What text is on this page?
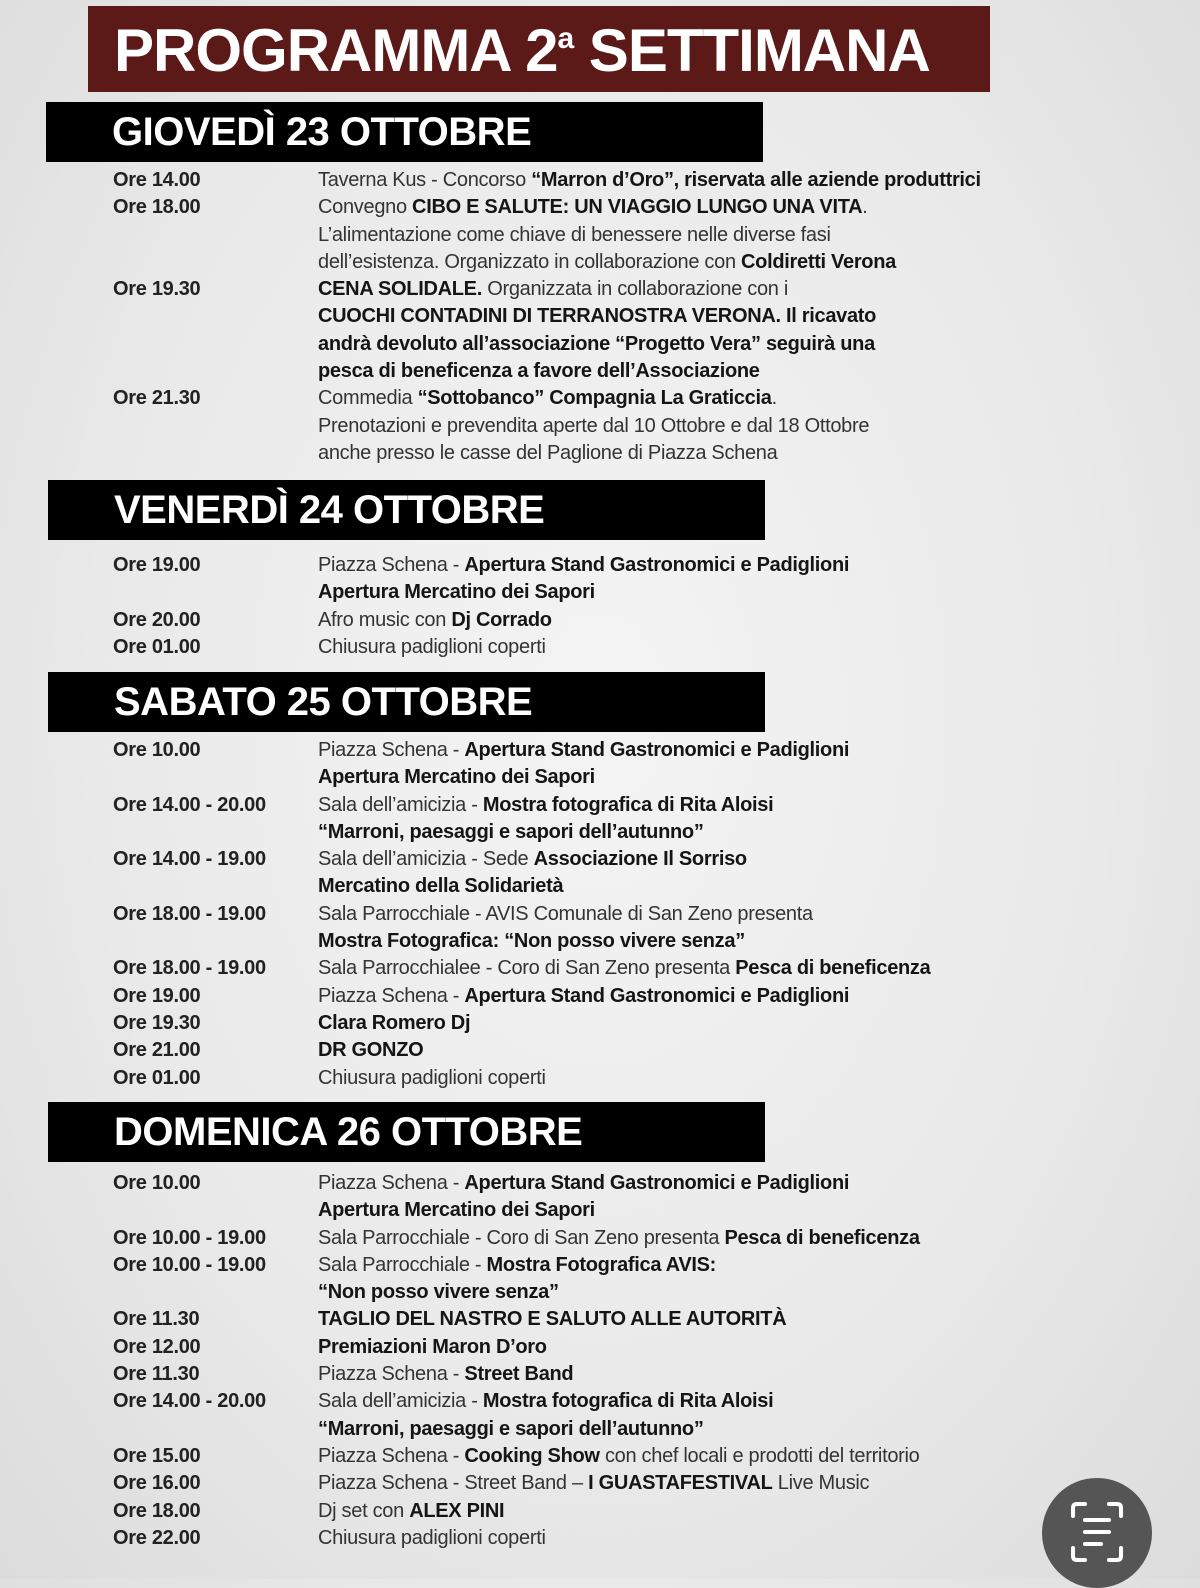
PROGRAMMA 2$^a$ SETTIMANA
GIOVEDÌ 23 OTTOBRE
Ore 14.00	Taverna Kus - Concorso “Marron d’Oro”, riservata alle aziende produttrici
Ore 18.00	Convegno CIBO E SALUTE: UN VIAGGIO LUNGO UNA VITA.
L’alimentazione come chiave di benessere nelle diverse fasi
dell’esistenza. Organizzato in collaborazione con Coldiretti Verona
Ore 19.30	CENA SOLIDALE. Organizzata in collaborazione con i
CUOCHI CONTADINI DI TERRANOSTRA VERONA. Il ricavato
andrà devoluto all’associazione “Progetto Vera” seguirà una
pesca di beneficenza a favore dell’Associazione
Ore 21.30	Commedia “Sottobanco” Compagnia La Graticcia.
Prenotazioni e prevendita aperte dal 10 Ottobre e dal 18 Ottobre
anche presso le casse del Paglione di Piazza Schena
VENERDÌ 24 OTTOBRE
Ore 19.00	Piazza Schena - Apertura Stand Gastronomici e Padiglioni
Apertura Mercatino dei Sapori
Ore 20.00	Afro music con Dj Corrado
Ore 01.00	Chiusura padiglioni coperti
SABATO 25 OTTOBRE
Ore 10.00	Piazza Schena - Apertura Stand Gastronomici e Padiglioni
Apertura Mercatino dei Sapori
Ore 14.00 - 20.00	Sala dell’amicizia - Mostra fotografica di Rita Aloisi
“Marroni, paesaggi e sapori dell’autunno”
Ore 14.00 - 19.00	Sala dell’amicizia - Sede Associazione Il Sorriso
Mercatino della Solidarietà
Ore 18.00 - 19.00	Sala Parrocchiale - AVIS Comunale di San Zeno presenta
Mostra Fotografica: “Non posso vivere senza”
Ore 18.00 - 19.00	Sala Parrocchialee - Coro di San Zeno presenta Pesca di beneficenza
Ore 19.00	Piazza Schena - Apertura Stand Gastronomici e Padiglioni
Ore 19.30	Clara Romero Dj
Ore 21.00	DR GONZO
Ore 01.00	Chiusura padiglioni coperti
DOMENICA 26 OTTOBRE
Ore 10.00	Piazza Schena - Apertura Stand Gastronomici e Padiglioni
Apertura Mercatino dei Sapori
Ore 10.00 - 19.00	Sala Parrocchiale - Coro di San Zeno presenta Pesca di beneficenza
Ore 10.00 - 19.00	Sala Parrocchiale - Mostra Fotografica AVIS:
“Non posso vivere senza”
Ore 11.30	TAGLIO DEL NASTRO E SALUTO ALLE AUTORITÀ
Ore 12.00	Premiazioni Maron D’oro
Ore 11.30	Piazza Schena - Street Band
Ore 14.00 - 20.00	Sala dell’amicizia - Mostra fotografica di Rita Aloisi
“Marroni, paesaggi e sapori dell’autunno”
Ore 15.00	Piazza Schena - Cooking Show con chef locali e prodotti del territorio
Ore 16.00	Piazza Schena - Street Band – I GUASTAFESTIVAL Live Music
Ore 18.00	Dj set con ALEX PINI
Ore 22.00	Chiusura padiglioni coperti
